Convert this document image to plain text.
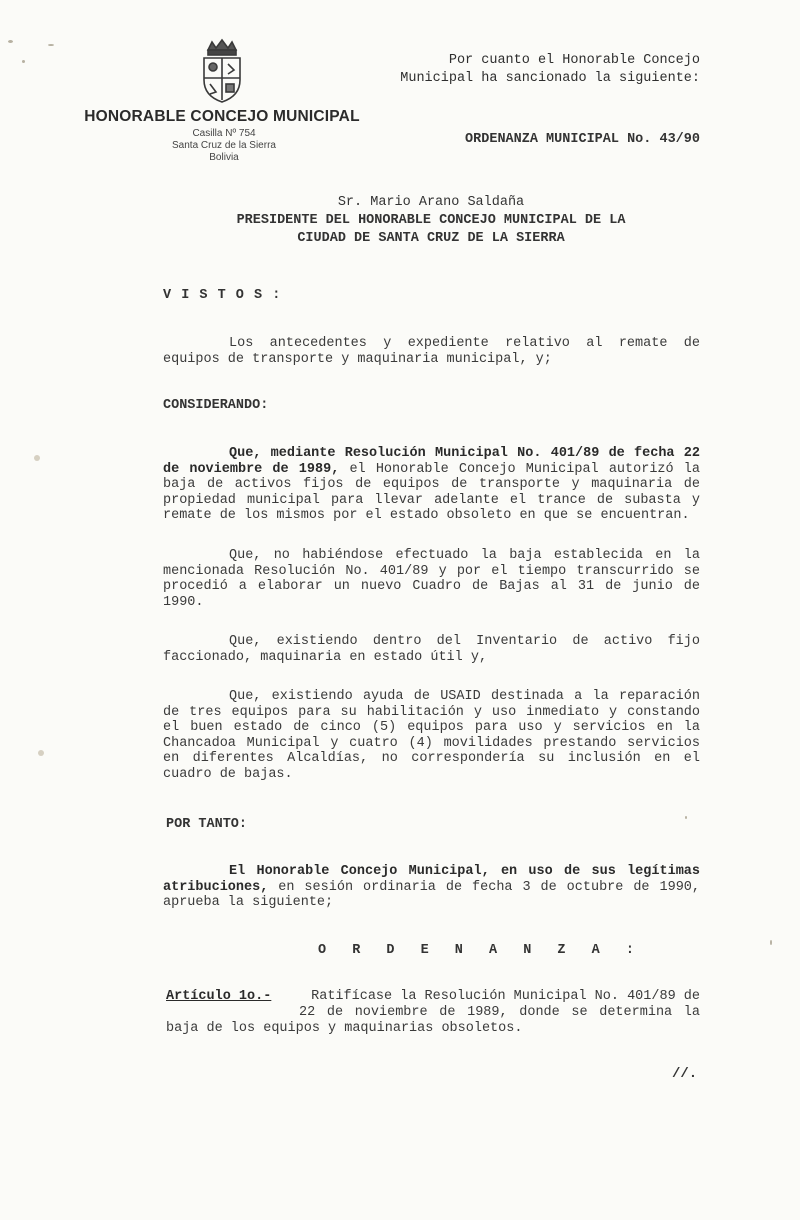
HONORABLE CONCEJO MUNICIPAL
Casilla Nº 754
Santa Cruz de la Sierra
Bolivia
Por cuanto el Honorable Concejo
Municipal ha sancionado la siguiente:
ORDENANZA MUNICIPAL No. 43/90
Sr. Mario Arano Saldaña
PRESIDENTE DEL HONORABLE CONCEJO MUNICIPAL DE LA
CIUDAD DE SANTA CRUZ DE LA SIERRA
V I S T O S :
Los antecedentes y expediente relativo al remate de equipos de transporte y maquinaria municipal, y;
CONSIDERANDO:
Que, mediante Resolución Municipal No. 401/89 de fecha 22 de noviembre de 1989, el Honorable Concejo Municipal autorizó la baja de activos fijos de equipos de transporte y maquinaria de propiedad municipal para llevar adelante el trance de subasta y remate de los mismos por el estado obsoleto en que se encuentran.
Que, no habiéndose efectuado la baja establecida en la mencionada Resolución No. 401/89 y por el tiempo transcurrido se procedió a elaborar un nuevo Cuadro de Bajas al 31 de junio de 1990.
Que, existiendo dentro del Inventario de activo fijo faccionado, maquinaria en estado útil y,
Que, existiendo ayuda de USAID destinada a la reparación de tres equipos para su habilitación y uso inmediato y constando el buen estado de cinco (5) equipos para uso y servicios en la Chancadoa Municipal y cuatro (4) movilidades prestando servicios en diferentes Alcaldías, no correspondería su inclusión en el cuadro de bajas.
POR TANTO:
El Honorable Concejo Municipal, en uso de sus legítimas atribuciones, en sesión ordinaria de fecha 3 de octubre de 1990, aprueba la siguiente;
O R D E N A N Z A :
Artículo 1o.-	Ratifícase la Resolución Municipal No. 401/89 de
22 de noviembre de 1989, donde se determina la
baja de los equipos y maquinarias obsoletos.
//.
